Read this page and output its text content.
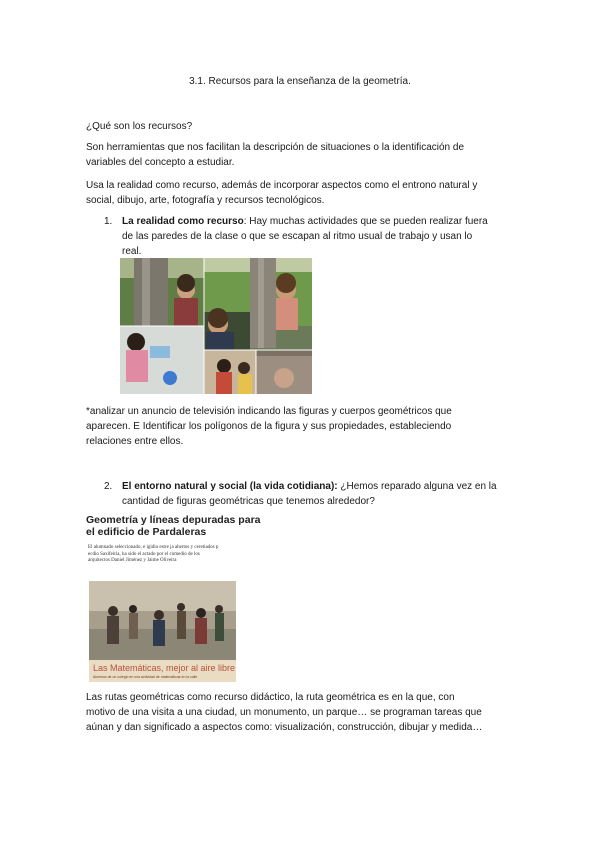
3.1. Recursos para la enseñanza de la geometría.
¿Qué son los recursos?
Son herramientas que nos facilitan la descripción de situaciones o la identificación de
variables del concepto a estudiar.
Usa la realidad como recurso, además de incorporar aspectos como el entrono natural y
social, dibujo, arte, fotografía y recursos tecnológicos.
1. La realidad como recurso: Hay muchas actividades que se pueden realizar fuera
de las paredes de la clase o que se escapan al ritmo usual de trabajo y usan lo
real.
*analizar un anuncio de televisión indicando las figuras y cuerpos geométricos que
aparecen. E Identificar los polígonos de la figura y sus propiedades, estableciendo
relaciones entre ellos.
2. El entorno natural y social (la vida cotidiana): ¿Hemos reparado alguna vez en la
cantidad de figuras geométricas que tenemos alrededor?
Geometría y líneas depuradas para
el edificio de Pardaleras
El alumnado seleccionado, e igidio estre ja ahertos y ceretiados p
ecdio Saxifeiria, ha sido el actado por el comedio de los
arquitectos Daniel Jiménez y Jaime Oliveira
Las Matemáticas, mejor al aire libre
Alumnos de un colegio en una actividad de matemáticas en la calle
Las rutas geométricas como recurso didáctico, la ruta geométrica es en la que, con
motivo de una visita a una ciudad, un monumento, un parque… se programan tareas que
aúnan y dan significado a aspectos como: visualización, construcción, dibujar y medida…
